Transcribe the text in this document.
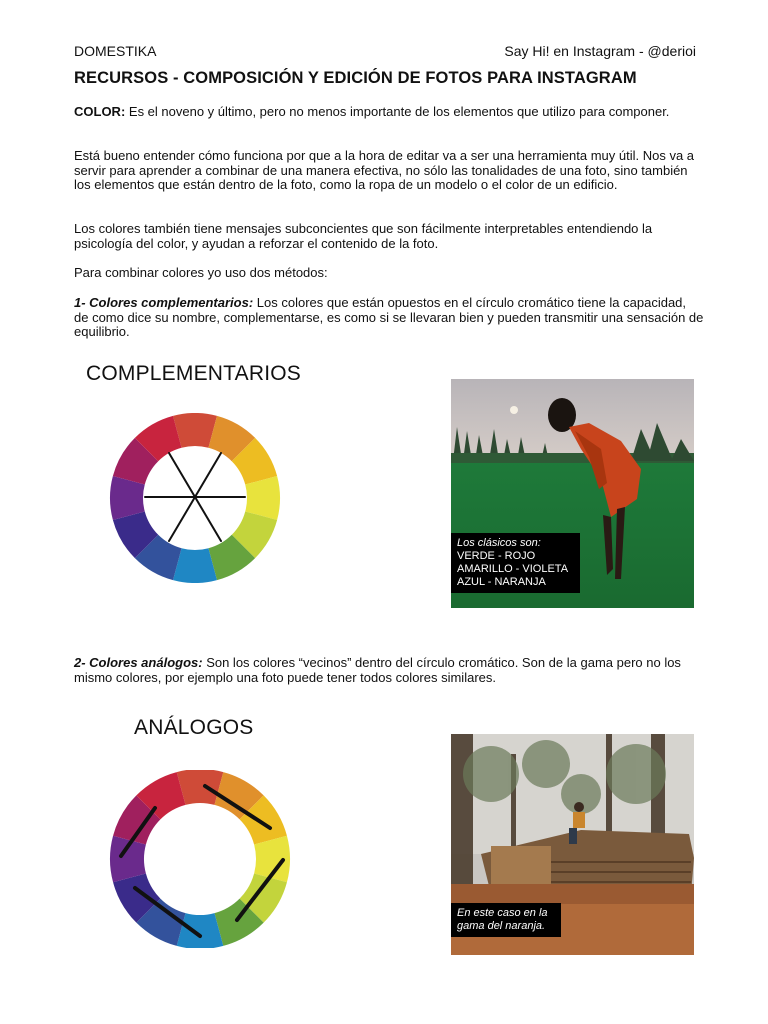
DOMESTIKA	Say Hi! en Instagram - @derioi
RECURSOS - COMPOSICIÓN Y EDICIÓN DE FOTOS PARA INSTAGRAM
COLOR: Es el noveno y último, pero no menos importante de los elementos que utilizo para componer.
Está bueno entender cómo funciona por que a la hora de editar va a ser una herramienta muy útil. Nos va a servir para aprender a combinar de una manera efectiva, no sólo las tonalidades de una foto, sino también los elementos que están dentro de la foto, como la ropa de un modelo o el color de un edificio.
Los colores también tiene mensajes subconcientes que son fácilmente interpretables entendiendo la psicología del color, y ayudan a reforzar el contenido de la foto.
Para combinar colores yo uso dos métodos:
1- Colores complementarios: Los colores que están opuestos en el círculo cromático tiene la capacidad, de como dice su nombre, complementarse, es como si se llevaran bien y pueden transmitir una sensación de equilibrio.
COMPLEMENTARIOS
Los clásicos son:
VERDE - ROJO
AMARILLO - VIOLETA
AZUL - NARANJA
2- Colores análogos: Son los colores “vecinos” dentro del círculo cromático. Son de la gama pero no los mismo colores, por ejemplo una foto puede tener todos colores similares.
ANÁLOGOS
En este caso en la
gama del naranja.
